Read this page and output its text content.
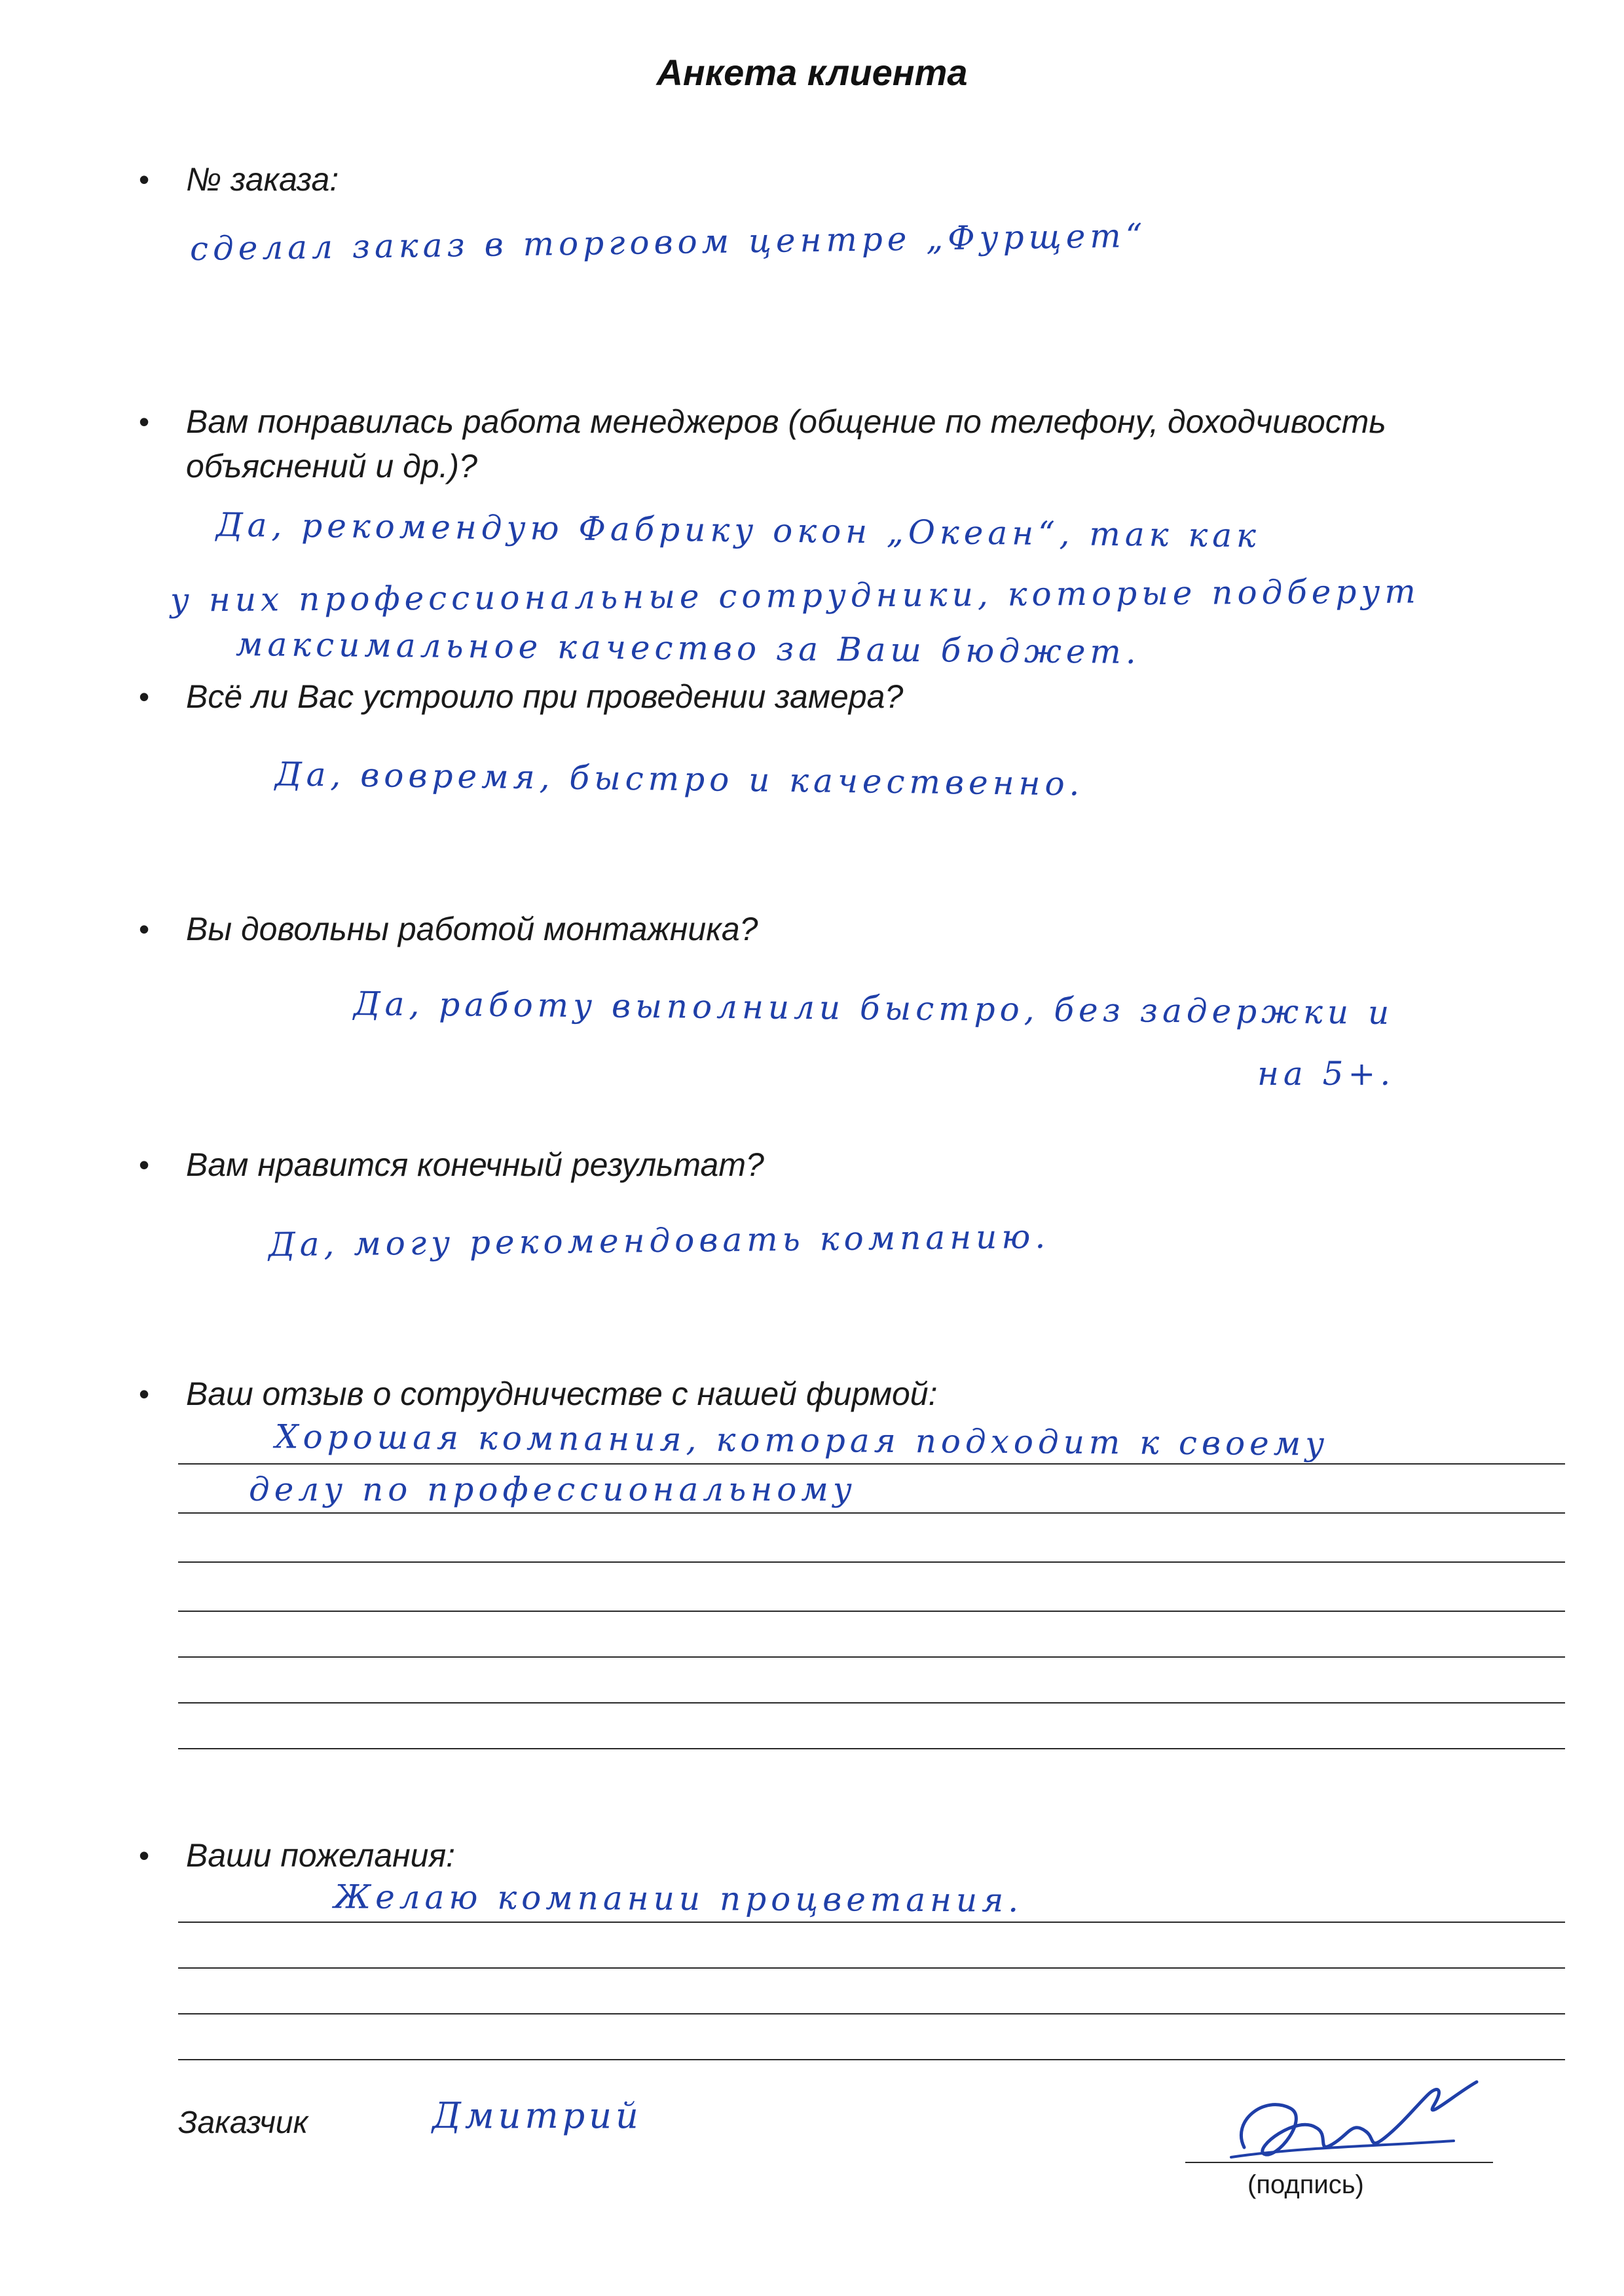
Анкета клиента
• № заказа:
сделал заказ в торговом центре „Фурщет“
• Вам понравилась работа менеджеров (общение по телефону, доходчивость
объяснений и др.)?
Да, рекомендую Фабрику окон „Океан“, так как
у них профессиональные сотрудники, которые подберут
максимальное качество за Ваш бюджет.
• Всё ли Вас устроило при проведении замера?
Да, вовремя, быстро и качественно.
• Вы довольны работой монтажника?
Да, работу выполнили быстро, без задержки и
на 5+.
• Вам нравится конечный результат?
Да, могу рекомендовать компанию.
• Ваш отзыв о сотрудничестве с нашей фирмой:
Хорошая компания, которая подходит к своему
делу по профессиональному
• Ваши пожелания:
Желаю компании процветания.
Заказчик	Дмитрий
(подпись)
